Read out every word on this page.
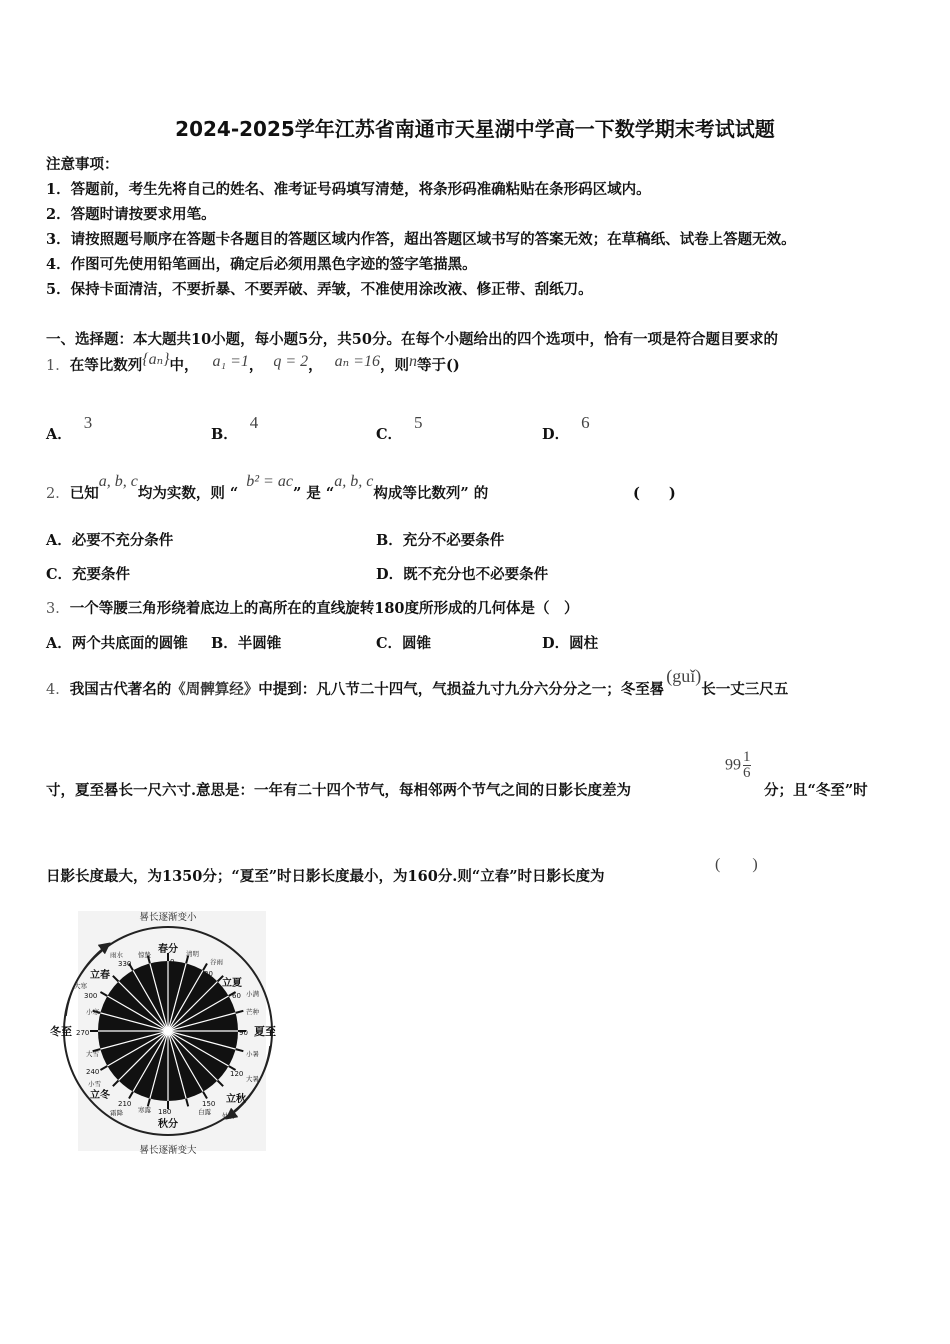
2024-2025学年江苏省南通市天星湖中学高一下数学期末考试试题
注意事项：
1．答题前，考生先将自己的姓名、准考证号码填写清楚，将条形码准确粘贴在条形码区域内。
2．答题时请按要求用笔。
3．请按照题号顺序在答题卡各题目的答题区域内作答，超出答题区域书写的答案无效；在草稿纸、试卷上答题无效。
4．作图可先使用铅笔画出，确定后必须用黑色字迹的签字笔描黑。
5．保持卡面清洁，不要折暴、不要弄破、弄皱，不准使用涂改液、修正带、刮纸刀。
一、选择题：本大题共10小题，每小题5分，共50分。在每个小题给出的四个选项中，恰有一项是符合题目要求的
1．在等比数列{aₙ}中， a₁ =1， q = 2， aₙ =16，则n等于()
A．3
B．4
C．5
D．6
2．已知a, b, c均为实数，则 “b² = ac” 是 “a, b, c构成等比数列” 的	(　　)
A．必要不充分条件	B．充分不必要条件
C．充要条件	D．既不充分也不必要条件
3．一个等腰三角形绕着底边上的高所在的直线旋转180度所形成的几何体是（　）
A．两个共底面的圆锥 B．半圆锥	C．圆锥	D．圆柱
4．我国古代著名的《周髀算经》中提到：凡八节二十四气，气损益九寸九分六分分之一；冬至晷(guǐ)长一丈三尺五
寸，夏至晷长一尺六寸.意思是：一年有二十四个节气，每相邻两个节气之间的日影长度差为
$99 \frac{1}{6}$
分；且“冬至”时
日影长度最大，为1350分；“夏至”时日影长度最小，为160分.则“立春”时日影长度为
(　　)
晷长逐渐变小
晷长逐渐变大
春分
秋分
冬至	夏至
立春
立夏
立秋
立冬
雨水 惊蛰	清明
谷雨
小满
芒种
小暑
大暑
处暑
白露
寒露
霜降
小雪
大雪
小寒
大寒
0
30
60
90
120
150
180
210
240
270
300
330
